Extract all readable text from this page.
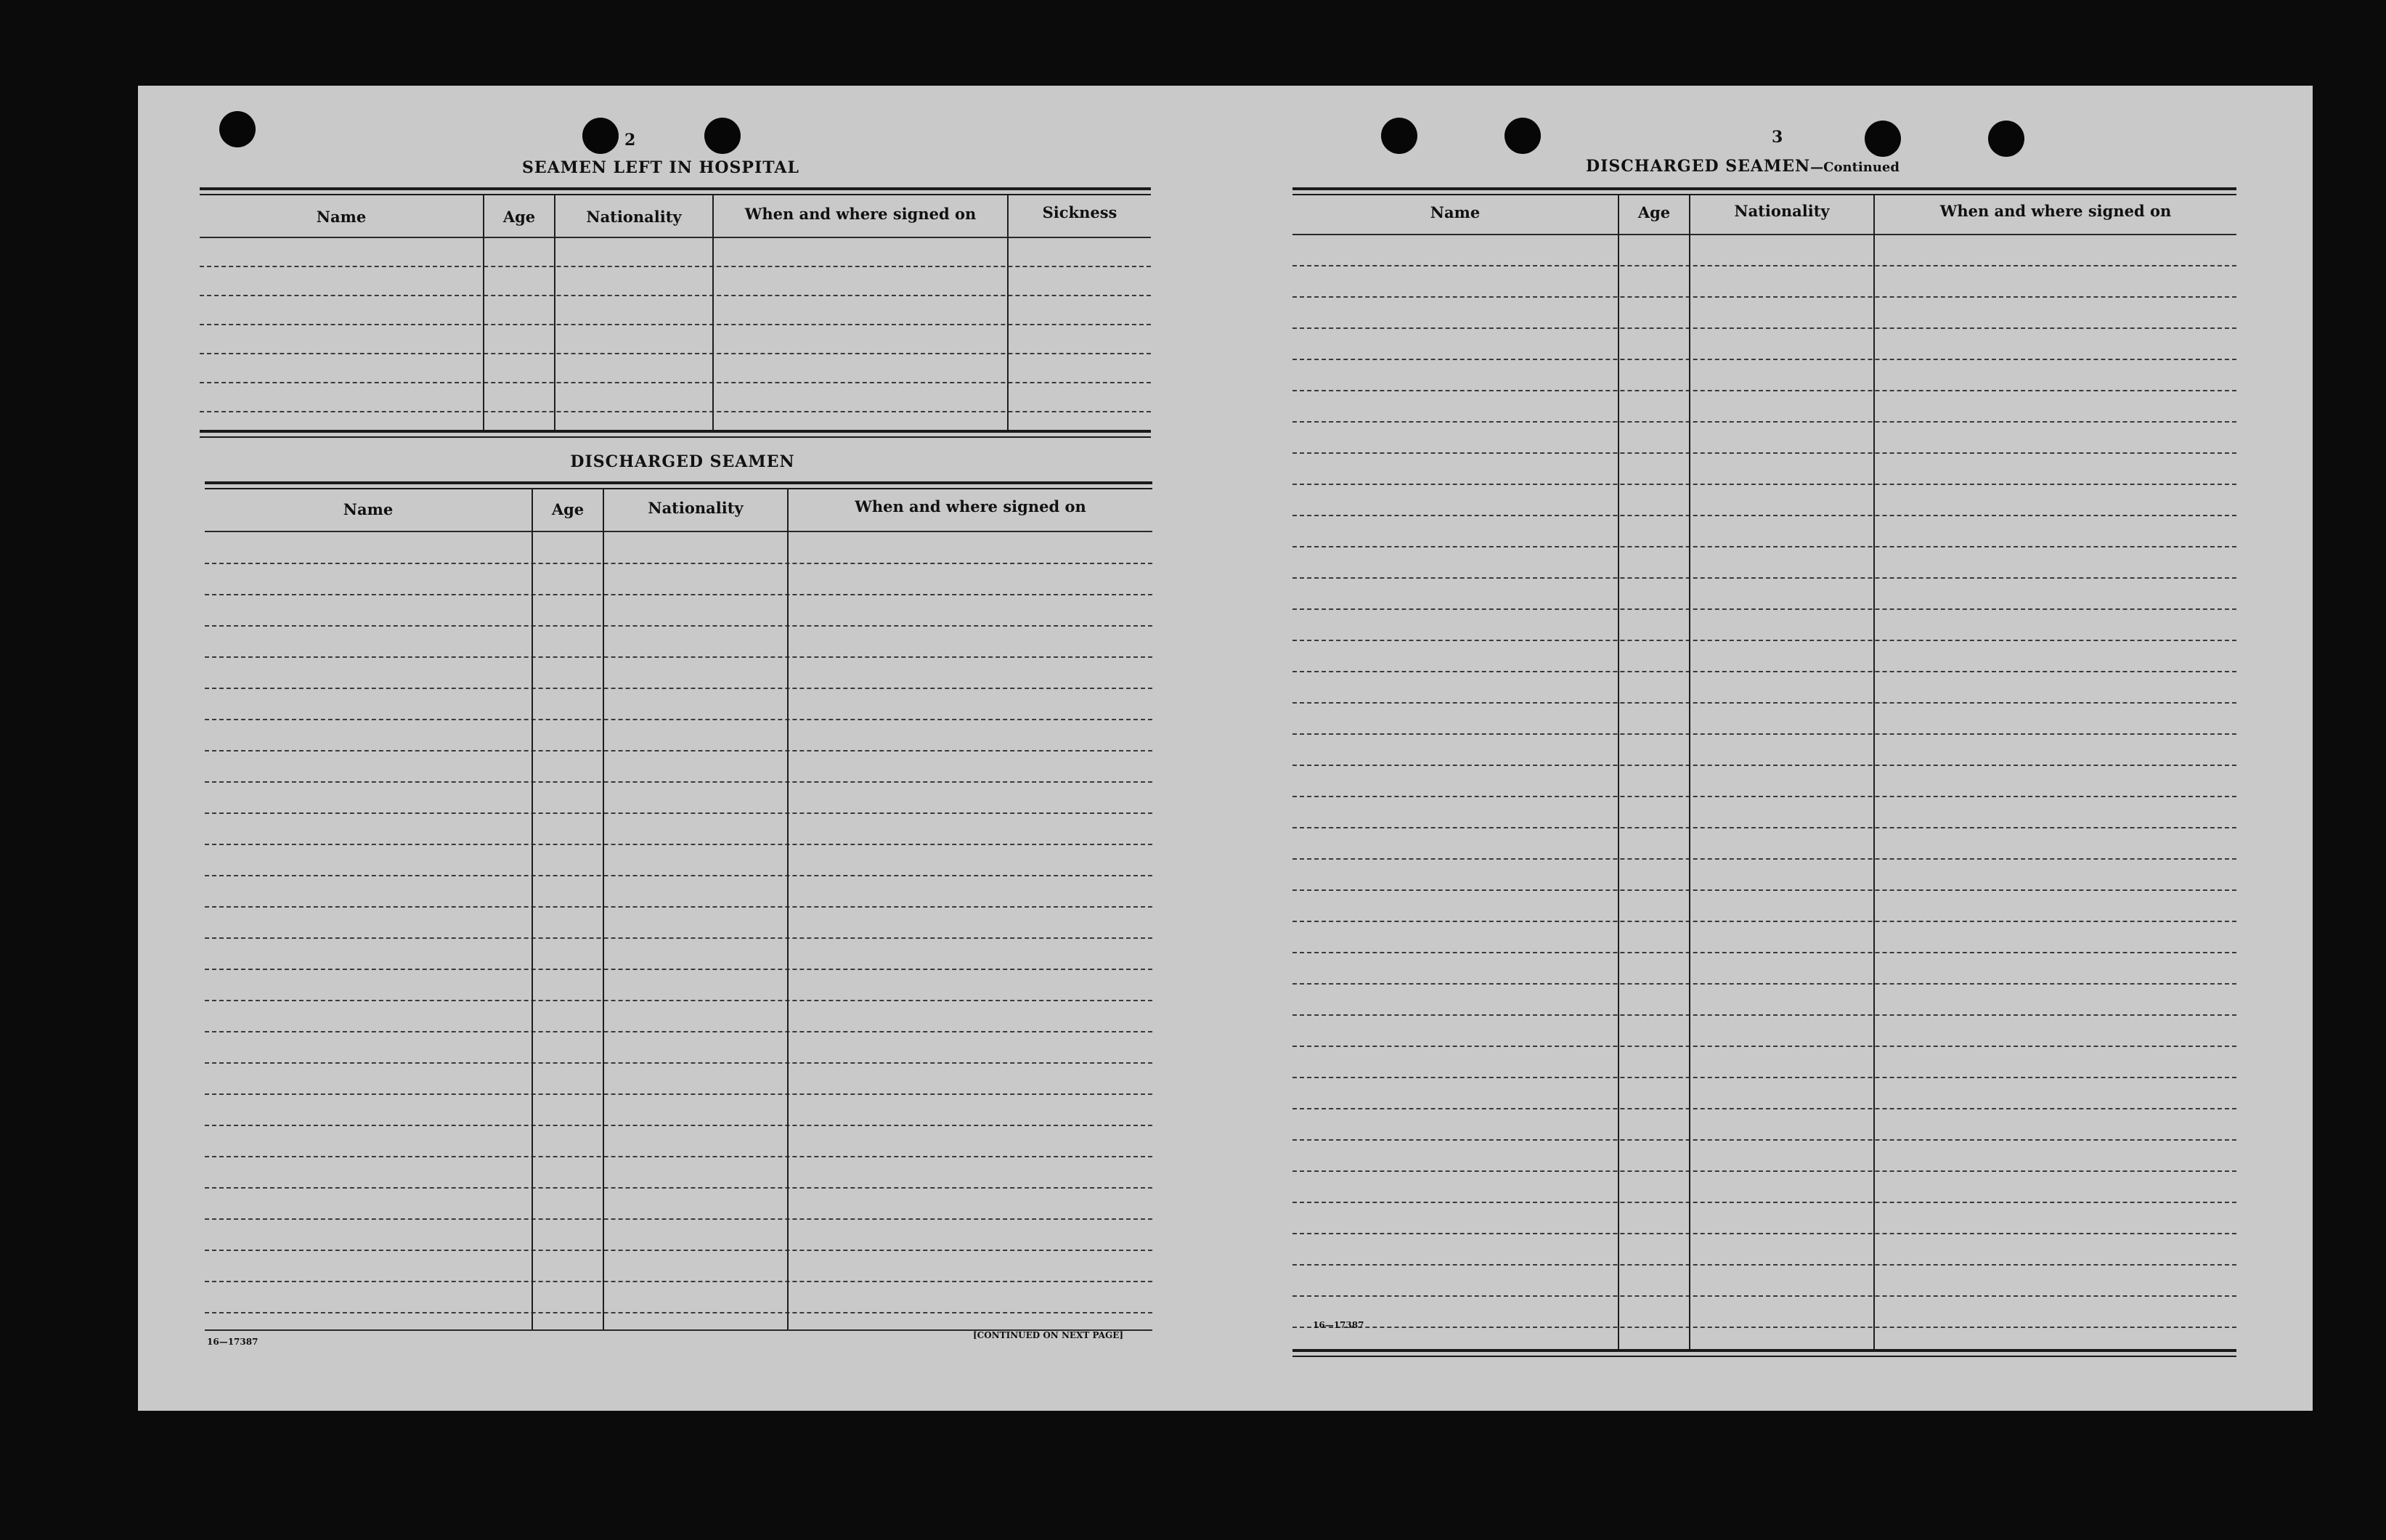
2
SEAMEN LEFT IN HOSPITAL
Name	Age	Nationality	When and where signed on	Sickness
DISCHARGED SEAMEN
Name	Age	Nationality	When and where signed on
16—17387
[CONTINUED ON NEXT PAGE]
3
DISCHARGED SEAMEN—Continued
Name	Age	Nationality	When and where signed on
16—17387
